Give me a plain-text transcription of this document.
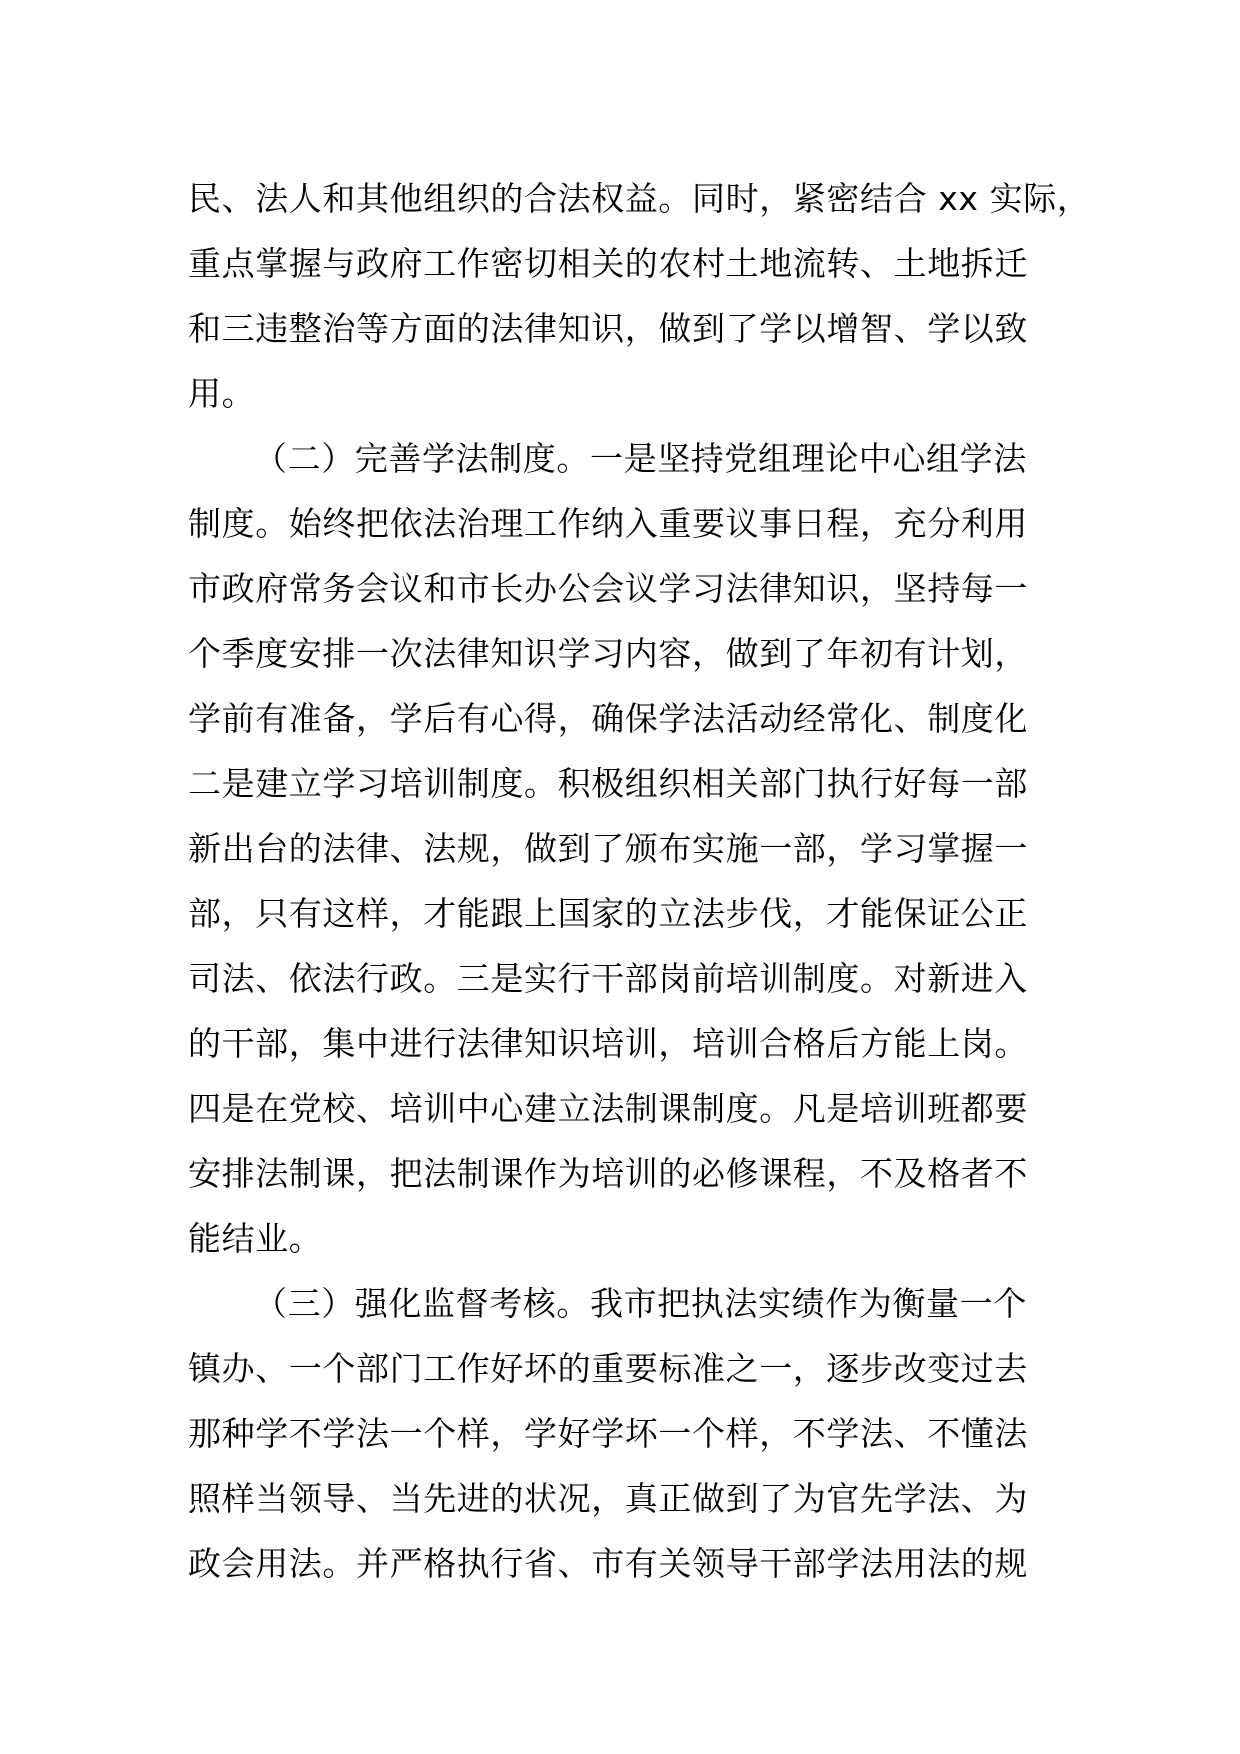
民、法人和其他组织的合法权益。同时，紧密结合 xx 实际，
重点掌握与政府工作密切相关的农村土地流转、土地拆迁
和三违整治等方面的法律知识，做到了学以增智、学以致
用。
（二）完善学法制度。一是坚持党组理论中心组学法
制度。始终把依法治理工作纳入重要议事日程，充分利用
市政府常务会议和市长办公会议学习法律知识，坚持每一
个季度安排一次法律知识学习内容，做到了年初有计划，
学前有准备，学后有心得，确保学法活动经常化、制度化
二是建立学习培训制度。积极组织相关部门执行好每一部
新出台的法律、法规，做到了颁布实施一部，学习掌握一
部，只有这样，才能跟上国家的立法步伐，才能保证公正
司法、依法行政。三是实行干部岗前培训制度。对新进入
的干部，集中进行法律知识培训，培训合格后方能上岗。
四是在党校、培训中心建立法制课制度。凡是培训班都要
安排法制课，把法制课作为培训的必修课程，不及格者不
能结业。
（三）强化监督考核。我市把执法实绩作为衡量一个
镇办、一个部门工作好坏的重要标准之一，逐步改变过去
那种学不学法一个样，学好学坏一个样，不学法、不懂法
照样当领导、当先进的状况，真正做到了为官先学法、为
政会用法。并严格执行省、市有关领导干部学法用法的规
